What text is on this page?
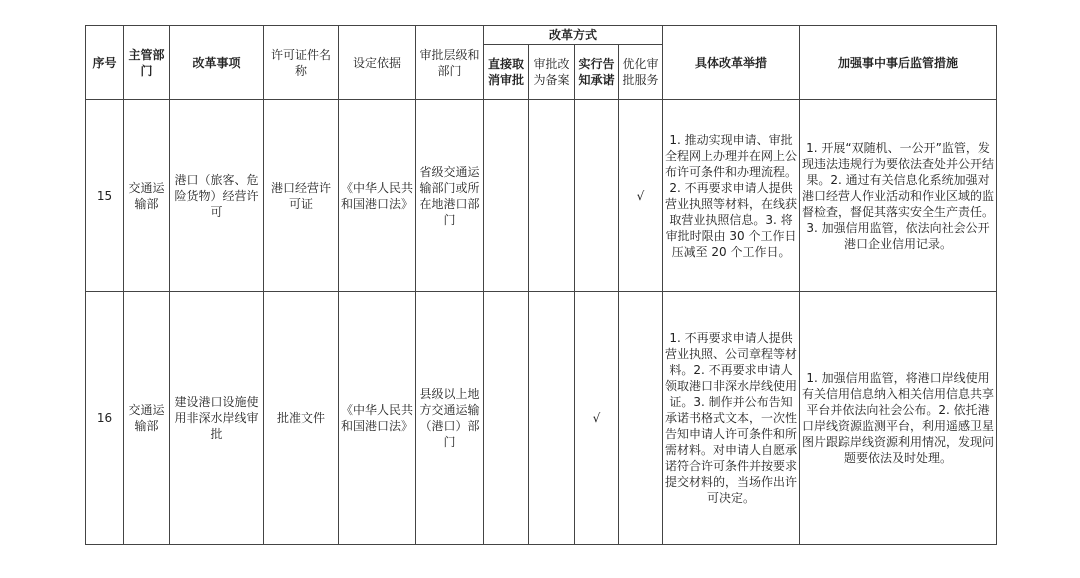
序号	主管部门	改革事项	许可证件名称	设定依据	审批层级和部门	改革方式				具体改革举措	加强事中事后监管措施
						直接取消审批	审批改为备案	实行告知承诺	优化审批服务		
15	交通运输部	港口（旅客、危险货物）经营许可	港口经营许可证	《中华人民共和国港口法》	省级交通运输部门或所在地港口部门				√	1. 推动实现申请、审批全程网上办理并在网上公布许可条件和办理流程。2. 不再要求申请人提供营业执照等材料，在线获取营业执照信息。3. 将审批时限由 30 个工作日压减至 20 个工作日。	1. 开展“双随机、一公开”监管，发现违法违规行为要依法查处并公开结果。2. 通过有关信息化系统加强对港口经营人作业活动和作业区域的监督检查，督促其落实安全生产责任。3. 加强信用监管，依法向社会公开港口企业信用记录。
16	交通运输部	建设港口设施使用非深水岸线审批	批准文件	《中华人民共和国港口法》	县级以上地方交通运输（港口）部门			√		1. 不再要求申请人提供营业执照、公司章程等材料。2. 不再要求申请人领取港口非深水岸线使用证。3. 制作并公布告知承诺书格式文本，一次性告知申请人许可条件和所需材料。对申请人自愿承诺符合许可条件并按要求提交材料的，当场作出许可决定。	1. 加强信用监管，将港口岸线使用有关信用信息纳入相关信用信息共享平台并依法向社会公布。2. 依托港口岸线资源监测平台，利用遥感卫星图片跟踪岸线资源利用情况，发现问题要依法及时处理。
